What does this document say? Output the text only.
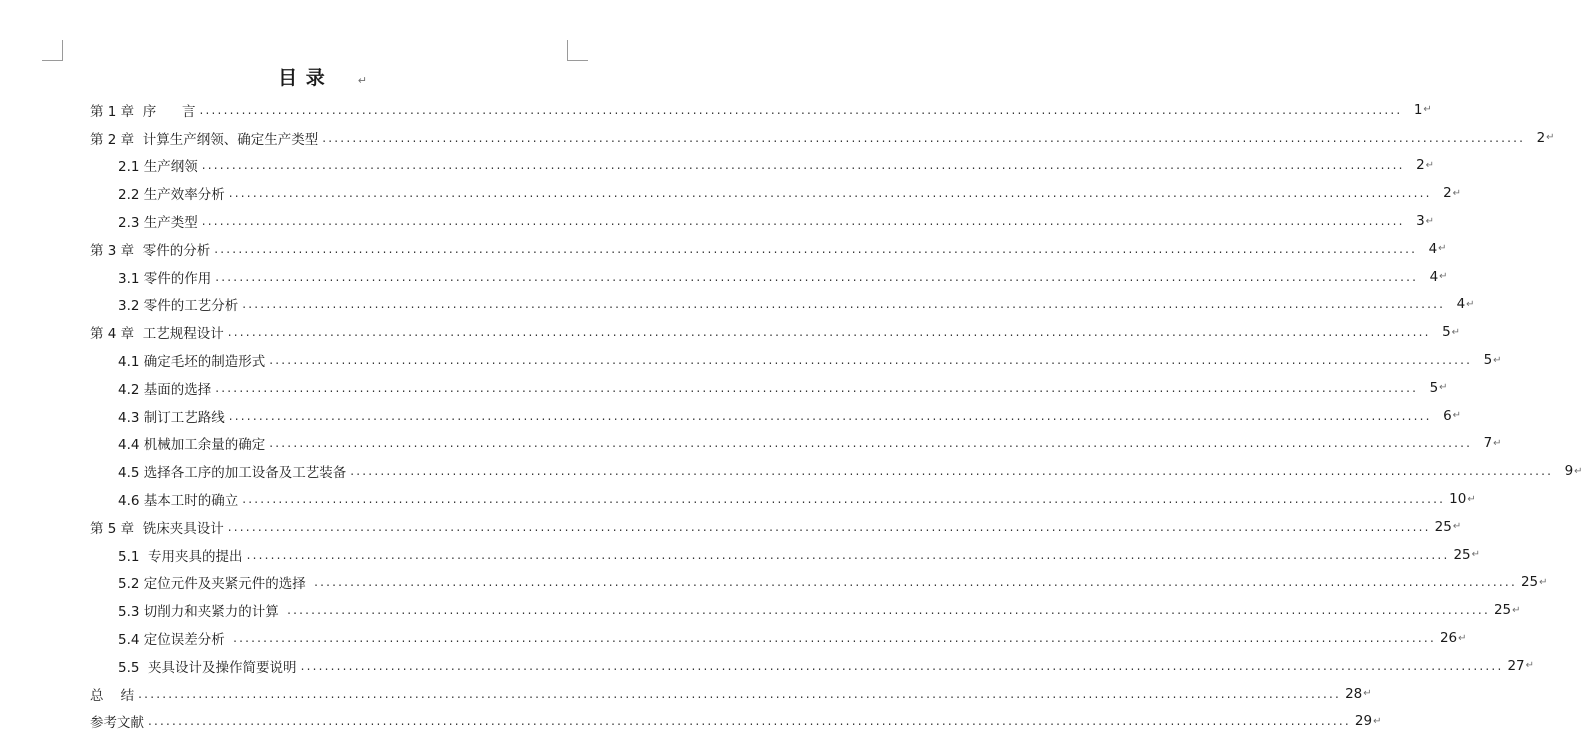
目 录	↵
第 1 章  序      言 ........................................................................................................................................................................................................ 1 ↵
第 2 章  计算生产纲领、确定生产类型 ........................................................................................................................................................................................................ 2 ↵
2.1 生产纲领 ........................................................................................................................................................................................................ 2 ↵
2.2 生产效率分析 ........................................................................................................................................................................................................ 2 ↵
2.3 生产类型 ........................................................................................................................................................................................................ 3 ↵
第 3 章  零件的分析 ........................................................................................................................................................................................................ 4 ↵
3.1 零件的作用 ........................................................................................................................................................................................................ 4 ↵
3.2 零件的工艺分析 ........................................................................................................................................................................................................ 4 ↵
第 4 章  工艺规程设计 ........................................................................................................................................................................................................ 5 ↵
4.1 确定毛坯的制造形式 ........................................................................................................................................................................................................ 5 ↵
4.2 基面的选择 ........................................................................................................................................................................................................ 5 ↵
4.3 制订工艺路线 ........................................................................................................................................................................................................ 6 ↵
4.4 机械加工余量的确定 ........................................................................................................................................................................................................ 7 ↵
4.5 选择各工序的加工设备及工艺装备 ........................................................................................................................................................................................................ 9 ↵
4.6 基本工时的确立 ........................................................................................................................................................................................................ 10 ↵
第 5 章  铣床夹具设计 ........................................................................................................................................................................................................ 25 ↵
5.1  专用夹具的提出 ........................................................................................................................................................................................................ 25 ↵
5.2 定位元件及夹紧元件的选择 ........................................................................................................................................................................................................ 25 ↵
5.3 切削力和夹紧力的计算 ........................................................................................................................................................................................................ 25 ↵
5.4 定位误差分析 ........................................................................................................................................................................................................ 26 ↵
5.5  夹具设计及操作简要说明 ........................................................................................................................................................................................................ 27 ↵
总    结 ........................................................................................................................................................................................................ 28 ↵
参考文献 ........................................................................................................................................................................................................ 29 ↵
